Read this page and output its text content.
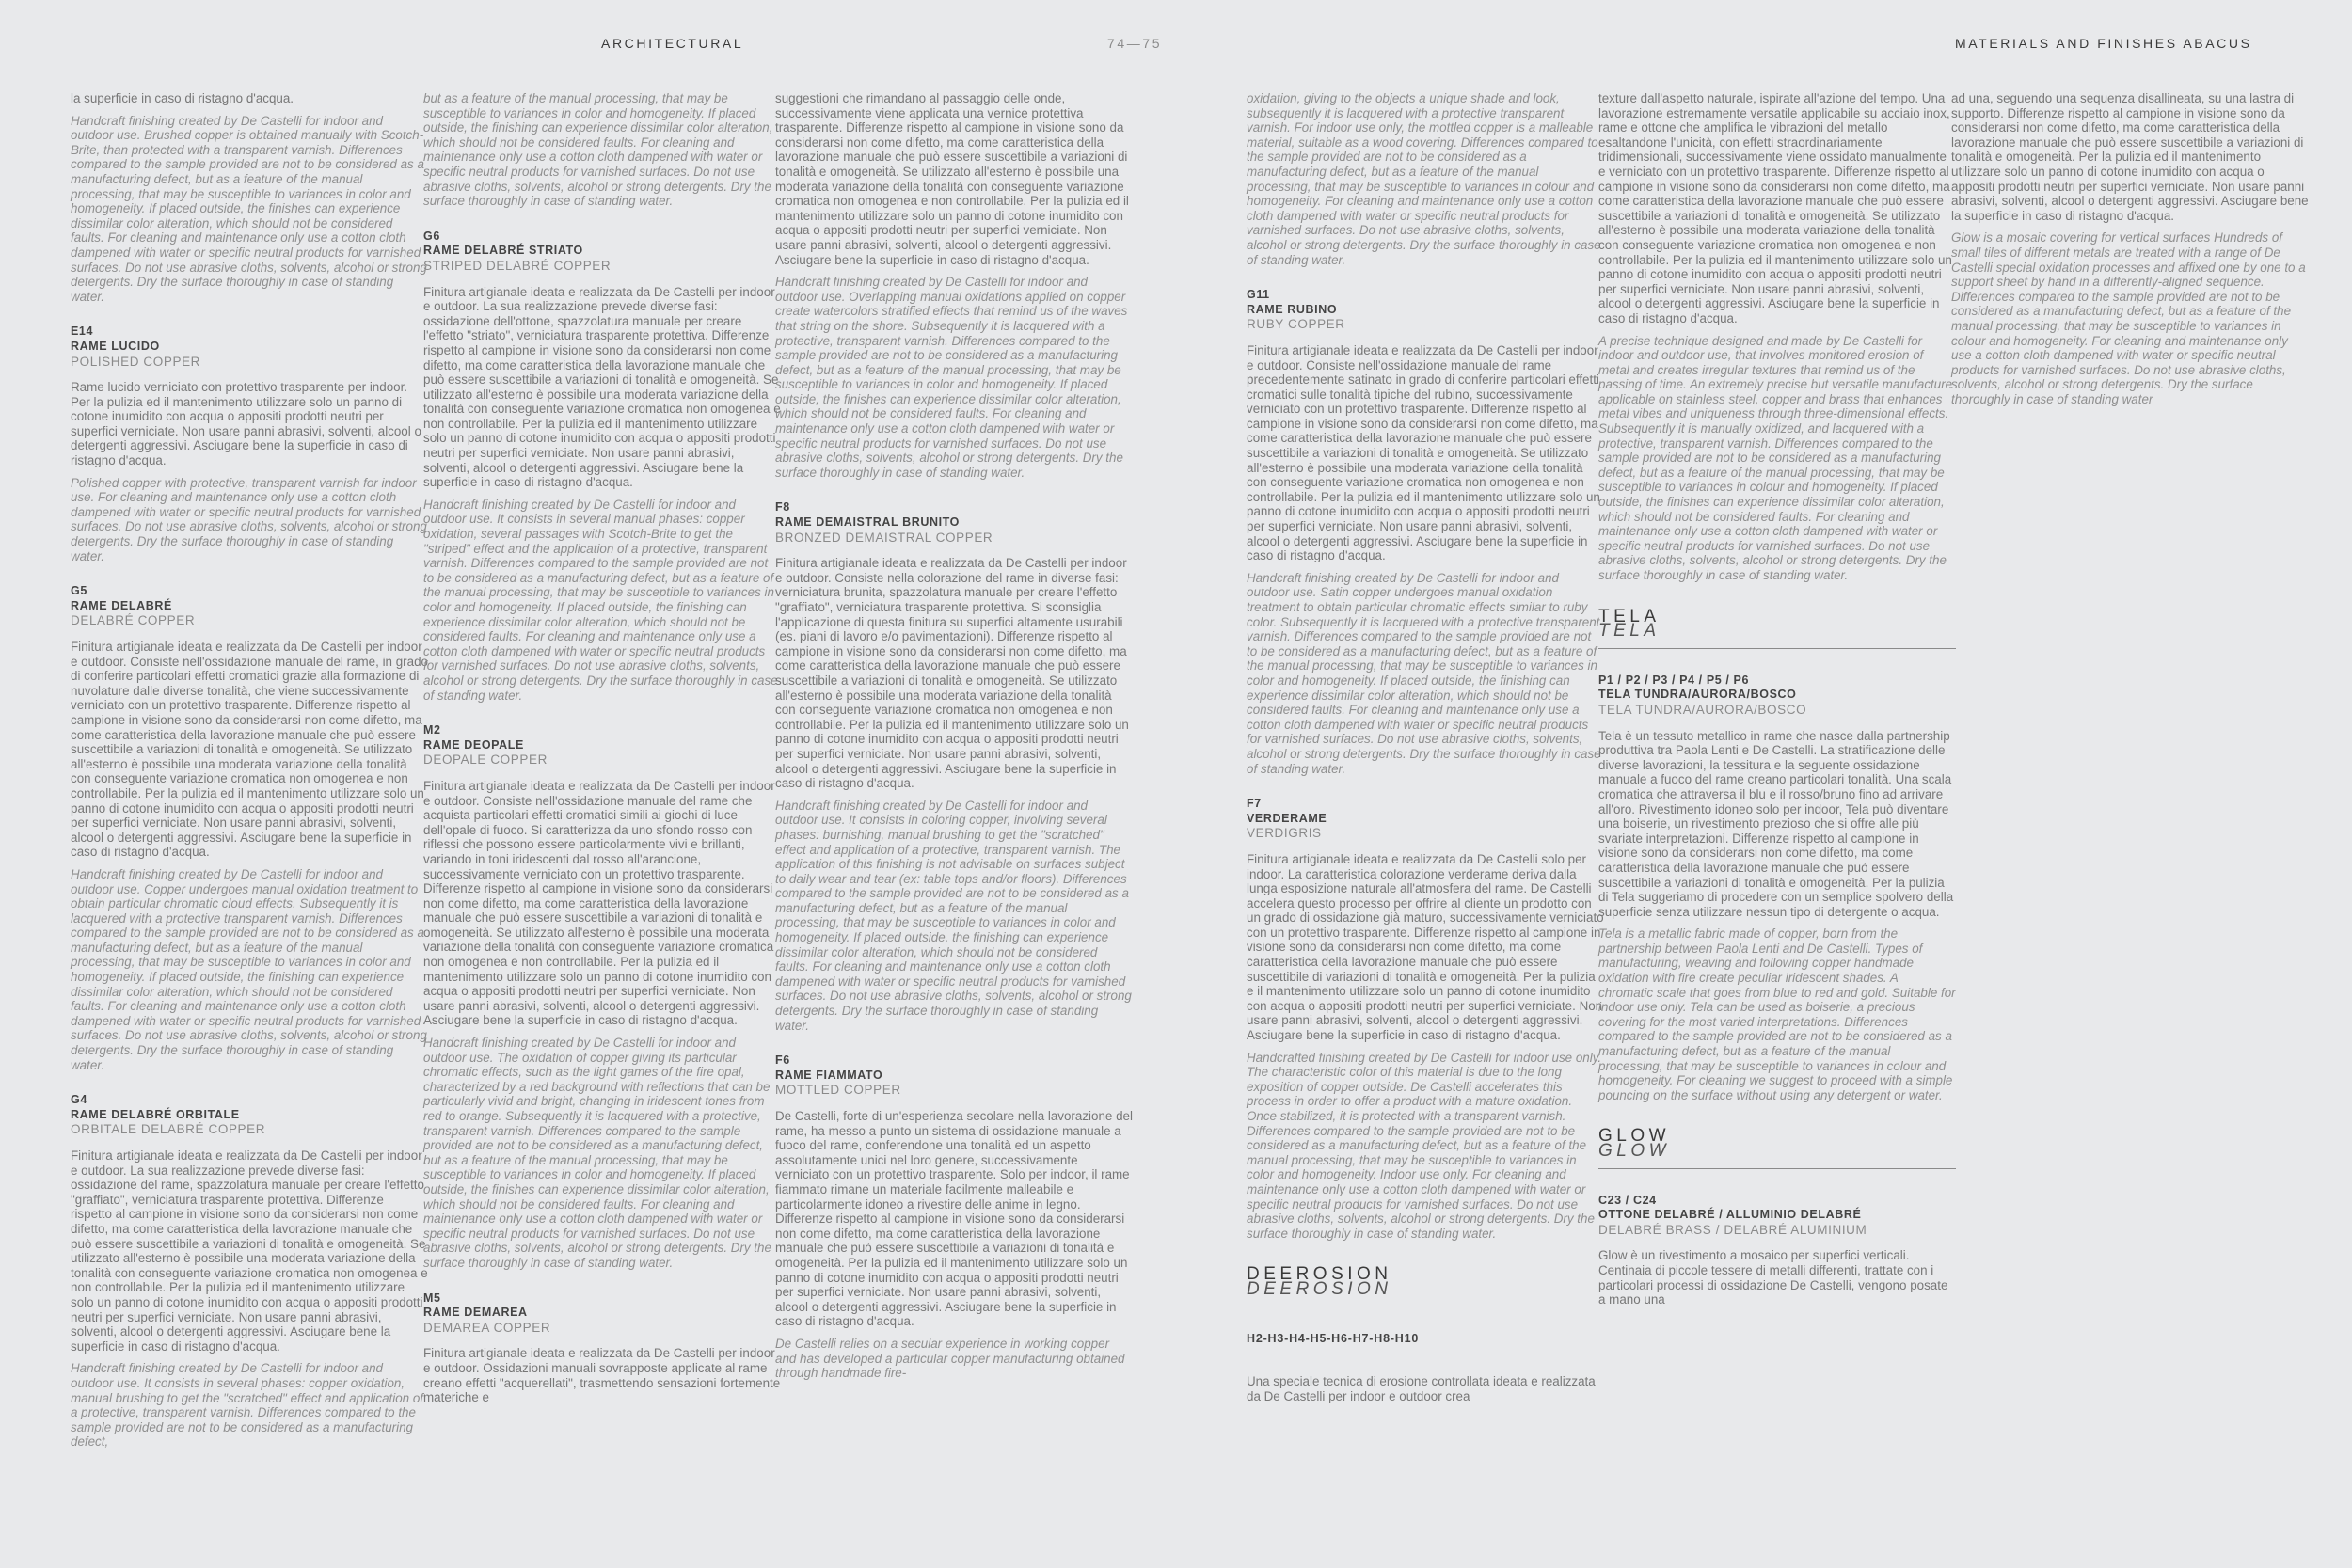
ARCHITECTURAL	74—75	MATERIALS AND FINISHES ABACUS

la superficie in caso di ristagno d'acqua.

Handcraft finishing created by De Castelli for indoor and outdoor use. Brushed copper is obtained manually with Scotch-Brite, than protected with a transparent varnish. Differences compared to the sample provided are not to be considered as a manufacturing defect, but as a feature of the manual processing, that may be susceptible to variances in color and homogeneity. If placed outside, the finishes can experience dissimilar color alteration, which should not be considered faults. For cleaning and maintenance only use a cotton cloth dampened with water or specific neutral products for varnished surfaces. Do not use abrasive cloths, solvents, alcohol or strong detergents. Dry the surface thoroughly in case of standing water.

E14
RAME LUCIDO
POLISHED COPPER

Rame lucido verniciato con protettivo trasparente per indoor. Per la pulizia ed il mantenimento utilizzare solo un panno di cotone inumidito con acqua o appositi prodotti neutri per superfici verniciate. Non usare panni abrasivi, solventi, alcool o detergenti aggressivi. Asciugare bene la superficie in caso di ristagno d'acqua.

Polished copper with protective, transparent varnish for indoor use. For cleaning and maintenance only use a cotton cloth dampened with water or specific neutral products for varnished surfaces. Do not use abrasive cloths, solvents, alcohol or strong detergents. Dry the surface thoroughly in case of standing water.

G5
RAME DELABRÉ
DELABRÉ COPPER

Finitura artigianale ideata e realizzata da De Castelli per indoor e outdoor. Consiste nell'ossidazione manuale del rame, in grado di conferire particolari effetti cromatici grazie alla formazione di nuvolature dalle diverse tonalità, che viene successivamente verniciato con un protettivo trasparente. Differenze rispetto al campione in visione sono da considerarsi non come difetto, ma come caratteristica della lavorazione manuale che può essere suscettibile a variazioni di tonalità e omogeneità. Se utilizzato all'esterno è possibile una moderata variazione della tonalità con conseguente variazione cromatica non omogenea e non controllabile. Per la pulizia ed il mantenimento utilizzare solo un panno di cotone inumidito con acqua o appositi prodotti neutri per superfici verniciate. Non usare panni abrasivi, solventi, alcool o detergenti aggressivi. Asciugare bene la superficie in caso di ristagno d'acqua.

Handcraft finishing created by De Castelli for indoor and outdoor use. Copper undergoes manual oxidation treatment to obtain particular chromatic cloud effects. Subsequently it is lacquered with a protective transparent varnish. Differences compared to the sample provided are not to be considered as a manufacturing defect, but as a feature of the manual processing, that may be susceptible to variances in color and homogeneity. If placed outside, the finishing can experience dissimilar color alteration, which should not be considered faults. For cleaning and maintenance only use a cotton cloth dampened with water or specific neutral products for varnished surfaces. Do not use abrasive cloths, solvents, alcohol or strong detergents. Dry the surface thoroughly in case of standing water.

G4
RAME DELABRÉ ORBITALE
ORBITALE DELABRÉ COPPER

Finitura artigianale ideata e realizzata da De Castelli per indoor e outdoor. La sua realizzazione prevede diverse fasi: ossidazione del rame, spazzolatura manuale per creare l'effetto "graffiato", verniciatura trasparente protettiva. Differenze rispetto al campione in visione sono da considerarsi non come difetto, ma come caratteristica della lavorazione manuale che può essere suscettibile a variazioni di tonalità e omogeneità. Se utilizzato all'esterno è possibile una moderata variazione della tonalità con conseguente variazione cromatica non omogenea e non controllabile. Per la pulizia ed il mantenimento utilizzare solo un panno di cotone inumidito con acqua o appositi prodotti neutri per superfici verniciate. Non usare panni abrasivi, solventi, alcool o detergenti aggressivi. Asciugare bene la superficie in caso di ristagno d'acqua.

Handcraft finishing created by De Castelli for indoor and outdoor use. It consists in several phases: copper oxidation, manual brushing to get the "scratched" effect and application of a protective, transparent varnish. Differences compared to the sample provided are not to be considered as a manufacturing defect,

but as a feature of the manual processing, that may be susceptible to variances in color and homogeneity. If placed outside, the finishing can experience dissimilar color alteration, which should not be considered faults. For cleaning and maintenance only use a cotton cloth dampened with water or specific neutral products for varnished surfaces. Do not use abrasive cloths, solvents, alcohol or strong detergents. Dry the surface thoroughly in case of standing water.

G6
RAME DELABRÉ STRIATO
STRIPED DELABRÉ COPPER

Finitura artigianale ideata e realizzata da De Castelli per indoor e outdoor. La sua realizzazione prevede diverse fasi: ossidazione dell'ottone, spazzolatura manuale per creare l'effetto "striato", verniciatura trasparente protettiva. Differenze rispetto al campione in visione sono da considerarsi non come difetto, ma come caratteristica della lavorazione manuale che può essere suscettibile a variazioni di tonalità e omogeneità. Se utilizzato all'esterno è possibile una moderata variazione della tonalità con conseguente variazione cromatica non omogenea e non controllabile. Per la pulizia ed il mantenimento utilizzare solo un panno di cotone inumidito con acqua o appositi prodotti neutri per superfici verniciate. Non usare panni abrasivi, solventi, alcool o detergenti aggressivi. Asciugare bene la superficie in caso di ristagno d'acqua.

Handcraft finishing created by De Castelli for indoor and outdoor use. It consists in several manual phases: copper oxidation, several passages with Scotch-Brite to get the "striped" effect and the application of a protective, transparent varnish. Differences compared to the sample provided are not to be considered as a manufacturing defect, but as a feature of the manual processing, that may be susceptible to variances in color and homogeneity. If placed outside, the finishing can experience dissimilar color alteration, which should not be considered faults. For cleaning and maintenance only use a cotton cloth dampened with water or specific neutral products for varnished surfaces. Do not use abrasive cloths, solvents, alcohol or strong detergents. Dry the surface thoroughly in case of standing water.

M2
RAME DEOPALE
DEOPALE COPPER

Finitura artigianale ideata e realizzata da De Castelli per indoor e outdoor. Consiste nell'ossidazione manuale del rame che acquista particolari effetti cromatici simili ai giochi di luce dell'opale di fuoco. Si caratterizza da uno sfondo rosso con riflessi che possono essere particolarmente vivi e brillanti, variando in toni iridescenti dal rosso all'arancione, successivamente verniciato con un protettivo trasparente. Differenze rispetto al campione in visione sono da considerarsi non come difetto, ma come caratteristica della lavorazione manuale che può essere suscettibile a variazioni di tonalità e omogeneità. Se utilizzato all'esterno è possibile una moderata variazione della tonalità con conseguente variazione cromatica non omogenea e non controllabile. Per la pulizia ed il mantenimento utilizzare solo un panno di cotone inumidito con acqua o appositi prodotti neutri per superfici verniciate. Non usare panni abrasivi, solventi, alcool o detergenti aggressivi. Asciugare bene la superficie in caso di ristagno d'acqua.

Handcraft finishing created by De Castelli for indoor and outdoor use. The oxidation of copper giving its particular chromatic effects, such as the light games of the fire opal, characterized by a red background with reflections that can be particularly vivid and bright, changing in iridescent tones from red to orange. Subsequently it is lacquered with a protective, transparent varnish. Differences compared to the sample provided are not to be considered as a manufacturing defect, but as a feature of the manual processing, that may be susceptible to variances in color and homogeneity. If placed outside, the finishes can experience dissimilar color alteration, which should not be considered faults. For cleaning and maintenance only use a cotton cloth dampened with water or specific neutral products for varnished surfaces. Do not use abrasive cloths, solvents, alcohol or strong detergents. Dry the surface thoroughly in case of standing water.

M5
RAME DEMAREA
DEMAREA COPPER

Finitura artigianale ideata e realizzata da De Castelli per indoor e outdoor. Ossidazioni manuali sovrapposte applicate al rame creano effetti "acquerellati", trasmettendo sensazioni fortemente materiche e

suggestioni che rimandano al passaggio delle onde, successivamente viene applicata una vernice protettiva trasparente. Differenze rispetto al campione in visione sono da considerarsi non come difetto, ma come caratteristica della lavorazione manuale che può essere suscettibile a variazioni di tonalità e omogeneità. Se utilizzato all'esterno è possibile una moderata variazione della tonalità con conseguente variazione cromatica non omogenea e non controllabile. Per la pulizia ed il mantenimento utilizzare solo un panno di cotone inumidito con acqua o appositi prodotti neutri per superfici verniciate. Non usare panni abrasivi, solventi, alcool o detergenti aggressivi. Asciugare bene la superficie in caso di ristagno d'acqua.

Handcraft finishing created by De Castelli for indoor and outdoor use. Overlapping manual oxidations applied on copper create watercolors stratified effects that remind us of the waves that string on the shore. Subsequently it is lacquered with a protective, transparent varnish. Differences compared to the sample provided are not to be considered as a manufacturing defect, but as a feature of the manual processing, that may be susceptible to variances in color and homogeneity. If placed outside, the finishes can experience dissimilar color alteration, which should not be considered faults. For cleaning and maintenance only use a cotton cloth dampened with water or specific neutral products for varnished surfaces. Do not use abrasive cloths, solvents, alcohol or strong detergents. Dry the surface thoroughly in case of standing water.

F8
RAME DEMAISTRAL BRUNITO
BRONZED DEMAISTRAL COPPER

Finitura artigianale ideata e realizzata da De Castelli per indoor e outdoor. Consiste nella colorazione del rame in diverse fasi: verniciatura brunita, spazzolatura manuale per creare l'effetto "graffiato", verniciatura trasparente protettiva. Si sconsiglia l'applicazione di questa finitura su superfici altamente usurabili (es. piani di lavoro e/o pavimentazioni). Differenze rispetto al campione in visione sono da considerarsi non come difetto, ma come caratteristica della lavorazione manuale che può essere suscettibile a variazioni di tonalità e omogeneità. Se utilizzato all'esterno è possibile una moderata variazione della tonalità con conseguente variazione cromatica non omogenea e non controllabile. Per la pulizia ed il mantenimento utilizzare solo un panno di cotone inumidito con acqua o appositi prodotti neutri per superfici verniciate. Non usare panni abrasivi, solventi, alcool o detergenti aggressivi. Asciugare bene la superficie in caso di ristagno d'acqua.

Handcraft finishing created by De Castelli for indoor and outdoor use. It consists in coloring copper, involving several phases: burnishing, manual brushing to get the "scratched" effect and application of a protective, transparent varnish. The application of this finishing is not advisable on surfaces subject to daily wear and tear (ex: table tops and/or floors). Differences compared to the sample provided are not to be considered as a manufacturing defect, but as a feature of the manual processing, that may be susceptible to variances in color and homogeneity. If placed outside, the finishing can experience dissimilar color alteration, which should not be considered faults. For cleaning and maintenance only use a cotton cloth dampened with water or specific neutral products for varnished surfaces. Do not use abrasive cloths, solvents, alcohol or strong detergents. Dry the surface thoroughly in case of standing water.

F6
RAME FIAMMATO
MOTTLED COPPER

De Castelli, forte di un'esperienza secolare nella lavorazione del rame, ha messo a punto un sistema di ossidazione manuale a fuoco del rame, conferendone una tonalità ed un aspetto assolutamente unici nel loro genere, successivamente verniciato con un protettivo trasparente. Solo per indoor, il rame fiammato rimane un materiale facilmente malleabile e particolarmente idoneo a rivestire delle anime in legno. Differenze rispetto al campione in visione sono da considerarsi non come difetto, ma come caratteristica della lavorazione manuale che può essere suscettibile a variazioni di tonalità e omogeneità. Per la pulizia ed il mantenimento utilizzare solo un panno di cotone inumidito con acqua o appositi prodotti neutri per superfici verniciate. Non usare panni abrasivi, solventi, alcool o detergenti aggressivi. Asciugare bene la superficie in caso di ristagno d'acqua.

De Castelli relies on a secular experience in working copper and has developed a particular copper manufacturing obtained through handmade fire-

oxidation, giving to the objects a unique shade and look, subsequently it is lacquered with a protective transparent varnish. For indoor use only, the mottled copper is a malleable material, suitable as a wood covering. Differences compared to the sample provided are not to be considered as a manufacturing defect, but as a feature of the manual processing, that may be susceptible to variances in colour and homogeneity. For cleaning and maintenance only use a cotton cloth dampened with water or specific neutral products for varnished surfaces. Do not use abrasive cloths, solvents, alcohol or strong detergents. Dry the surface thoroughly in case of standing water.

G11
RAME RUBINO
RUBY COPPER

Finitura artigianale ideata e realizzata da De Castelli per indoor e outdoor. Consiste nell'ossidazione manuale del rame precedentemente satinato in grado di conferire particolari effetti cromatici sulle tonalità tipiche del rubino, successivamente verniciato con un protettivo trasparente. Differenze rispetto al campione in visione sono da considerarsi non come difetto, ma come caratteristica della lavorazione manuale che può essere suscettibile a variazioni di tonalità e omogeneità. Se utilizzato all'esterno è possibile una moderata variazione della tonalità con conseguente variazione cromatica non omogenea e non controllabile. Per la pulizia ed il mantenimento utilizzare solo un panno di cotone inumidito con acqua o appositi prodotti neutri per superfici verniciate. Non usare panni abrasivi, solventi, alcool o detergenti aggressivi. Asciugare bene la superficie in caso di ristagno d'acqua.

Handcraft finishing created by De Castelli for indoor and outdoor use. Satin copper undergoes manual oxidation treatment to obtain particular chromatic effects similar to ruby color. Subsequently it is lacquered with a protective transparent varnish. Differences compared to the sample provided are not to be considered as a manufacturing defect, but as a feature of the manual processing, that may be susceptible to variances in color and homogeneity. If placed outside, the finishing can experience dissimilar color alteration, which should not be considered faults. For cleaning and maintenance only use a cotton cloth dampened with water or specific neutral products for varnished surfaces. Do not use abrasive cloths, solvents, alcohol or strong detergents. Dry the surface thoroughly in case of standing water.

F7
VERDERAME
VERDIGRIS

Finitura artigianale ideata e realizzata da De Castelli solo per indoor. La caratteristica colorazione verderame deriva dalla lunga esposizione naturale all'atmosfera del rame. De Castelli accelera questo processo per offrire al cliente un prodotto con un grado di ossidazione già maturo, successivamente verniciato con un protettivo trasparente. Differenze rispetto al campione in visione sono da considerarsi non come difetto, ma come caratteristica della lavorazione manuale che può essere suscettibile di variazioni di tonalità e omogeneità. Per la pulizia e il mantenimento utilizzare solo un panno di cotone inumidito con acqua o appositi prodotti neutri per superfici verniciate. Non usare panni abrasivi, solventi, alcool o detergenti aggressivi. Asciugare bene la superficie in caso di ristagno d'acqua.

Handcrafted finishing created by De Castelli for indoor use only. The characteristic color of this material is due to the long exposition of copper outside. De Castelli accelerates this process in order to offer a product with a mature oxidation. Once stabilized, it is protected with a transparent varnish. Differences compared to the sample provided are not to be considered as a manufacturing defect, but as a feature of the manual processing, that may be susceptible to variances in color and homogeneity. Indoor use only. For cleaning and maintenance only use a cotton cloth dampened with water or specific neutral products for varnished surfaces. Do not use abrasive cloths, solvents, alcohol or strong detergents. Dry the surface thoroughly in case of standing water.

DEEROSION
DEEROSION
H2-H3-H4-H5-H6-H7-H8-H10

Una speciale tecnica di erosione controllata ideata e realizzata da De Castelli per indoor e outdoor crea

texture dall'aspetto naturale, ispirate all'azione del tempo. Una lavorazione estremamente versatile applicabile su acciaio inox, rame e ottone che amplifica le vibrazioni del metallo esaltandone l'unicità, con effetti straordinariamente tridimensionali, successivamente viene ossidato manualmente e verniciato con un protettivo trasparente. Differenze rispetto al campione in visione sono da considerarsi non come difetto, ma come caratteristica della lavorazione manuale che può essere suscettibile a variazioni di tonalità e omogeneità. Se utilizzato all'esterno è possibile una moderata variazione della tonalità con conseguente variazione cromatica non omogenea e non controllabile. Per la pulizia ed il mantenimento utilizzare solo un panno di cotone inumidito con acqua o appositi prodotti neutri per superfici verniciate. Non usare panni abrasivi, solventi, alcool o detergenti aggressivi. Asciugare bene la superficie in caso di ristagno d'acqua.

A precise technique designed and made by De Castelli for indoor and outdoor use, that involves monitored erosion of metal and creates irregular textures that remind us of the passing of time. An extremely precise but versatile manufacture applicable on stainless steel, copper and brass that enhances metal vibes and uniqueness through three-dimensional effects. Subsequently it is manually oxidized, and lacquered with a protective, transparent varnish. Differences compared to the sample provided are not to be considered as a manufacturing defect, but as a feature of the manual processing, that may be susceptible to variances in colour and homogeneity. If placed outside, the finishes can experience dissimilar color alteration, which should not be considered faults. For cleaning and maintenance only use a cotton cloth dampened with water or specific neutral products for varnished surfaces. Do not use abrasive cloths, solvents, alcohol or strong detergents. Dry the surface thoroughly in case of standing water.

TELA
TELA
P1 / P2 / P3 / P4 / P5 / P6
TELA TUNDRA/AURORA/BOSCO
TELA TUNDRA/AURORA/BOSCO

Tela è un tessuto metallico in rame che nasce dalla partnership produttiva tra Paola Lenti e De Castelli. La stratificazione delle diverse lavorazioni, la tessitura e la seguente ossidazione manuale a fuoco del rame creano particolari tonalità. Una scala cromatica che attraversa il blu e il rosso/bruno fino ad arrivare all'oro. Rivestimento idoneo solo per indoor, Tela può diventare una boiserie, un rivestimento prezioso che si offre alle più svariate interpretazioni. Differenze rispetto al campione in visione sono da considerarsi non come difetto, ma come caratteristica della lavorazione manuale che può essere suscettibile a variazioni di tonalità e omogeneità. Per la pulizia di Tela suggeriamo di procedere con un semplice spolvero della superficie senza utilizzare nessun tipo di detergente o acqua.

Tela is a metallic fabric made of copper, born from the partnership between Paola Lenti and De Castelli. Types of manufacturing, weaving and following copper handmade oxidation with fire create peculiar iridescent shades. A chromatic scale that goes from blue to red and gold. Suitable for indoor use only. Tela can be used as boiserie, a precious covering for the most varied interpretations. Differences compared to the sample provided are not to be considered as a manufacturing defect, but as a feature of the manual processing, that may be susceptible to variances in colour and homogeneity. For cleaning we suggest to proceed with a simple pouncing on the surface without using any detergent or water.

GLOW
GLOW
C23 / C24
OTTONE DELABRÉ / ALLUMINIO DELABRÉ
DELABRÉ BRASS / DELABRÉ ALUMINIUM

Glow è un rivestimento a mosaico per superfici verticali. Centinaia di piccole tessere di metalli differenti, trattate con i particolari processi di ossidazione De Castelli, vengono posate a mano una

ad una, seguendo una sequenza disallineata, su una lastra di supporto. Differenze rispetto al campione in visione sono da considerarsi non come difetto, ma come caratteristica della lavorazione manuale che può essere suscettibile a variazioni di tonalità e omogeneità. Per la pulizia ed il mantenimento utilizzare solo un panno di cotone inumidito con acqua o appositi prodotti neutri per superfici verniciate. Non usare panni abrasivi, solventi, alcool o detergenti aggressivi. Asciugare bene la superficie in caso di ristagno d'acqua.

Glow is a mosaic covering for vertical surfaces Hundreds of small tiles of different metals are treated with a range of De Castelli special oxidation processes and affixed one by one to a support sheet by hand in a differently-aligned sequence. Differences compared to the sample provided are not to be considered as a manufacturing defect, but as a feature of the manual processing, that may be susceptible to variances in colour and homogeneity. For cleaning and maintenance only use a cotton cloth dampened with water or specific neutral products for varnished surfaces. Do not use abrasive cloths, solvents, alcohol or strong detergents. Dry the surface thoroughly in case of standing water
